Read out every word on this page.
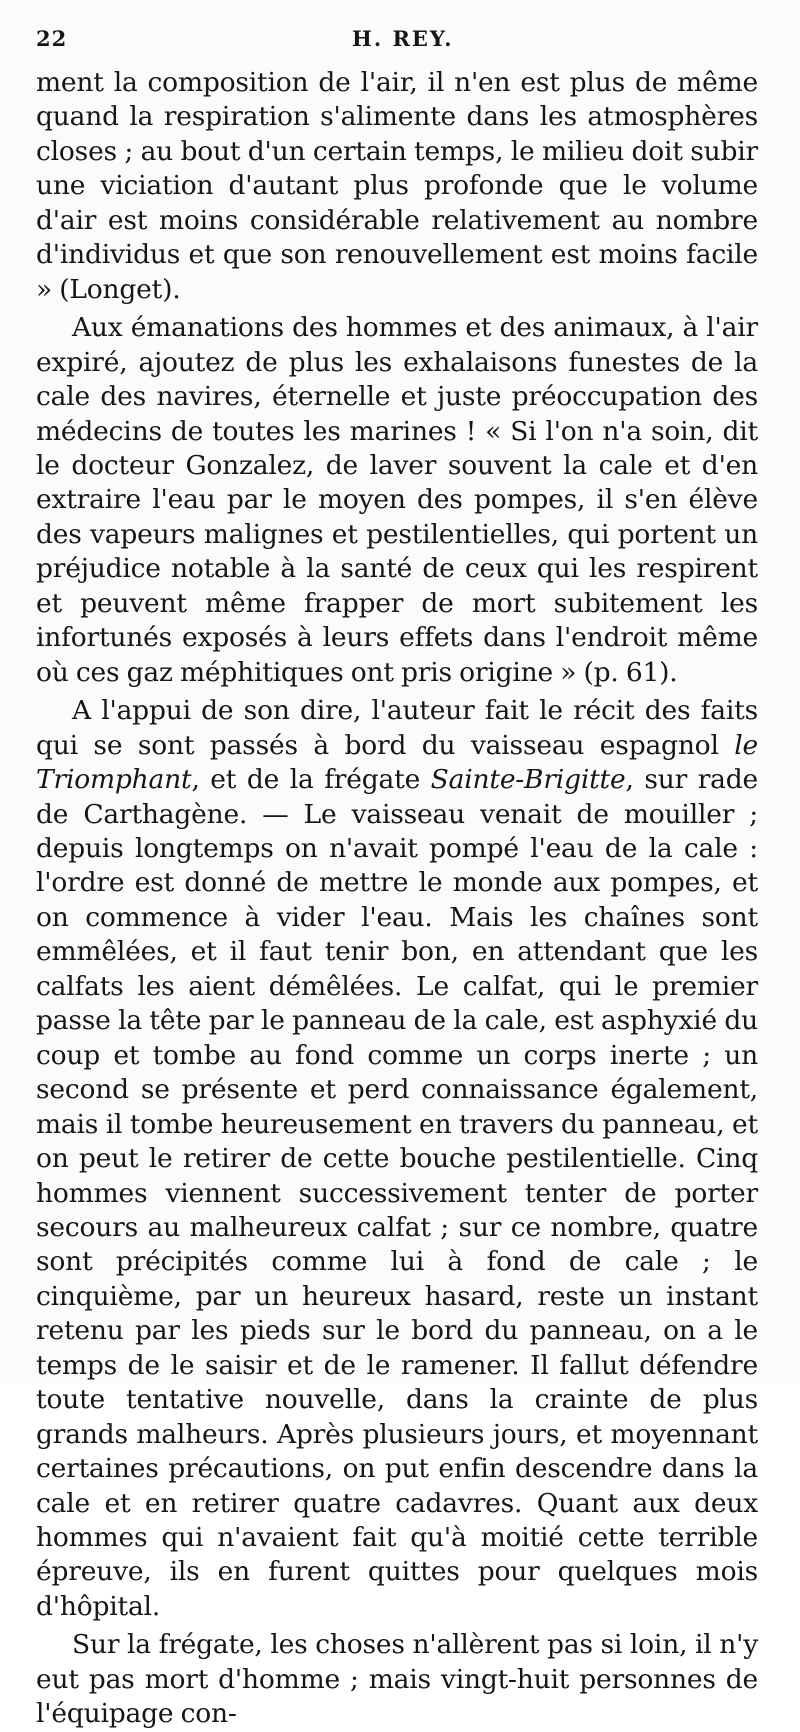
22	H. REY.

ment la composition de l'air, il n'en est plus de même quand la respiration s'alimente dans les atmosphères closes ; au bout d'un certain temps, le milieu doit subir une viciation d'autant plus profonde que le volume d'air est moins considérable relativement au nombre d'individus et que son renouvellement est moins facile » (Longet).

Aux émanations des hommes et des animaux, à l'air expiré, ajoutez de plus les exhalaisons funestes de la cale des navires, éternelle et juste préoccupation des médecins de toutes les marines ! « Si l'on n'a soin, dit le docteur Gonzalez, de laver souvent la cale et d'en extraire l'eau par le moyen des pompes, il s'en élève des vapeurs malignes et pestilentielles, qui portent un préjudice notable à la santé de ceux qui les respirent et peuvent même frapper de mort subitement les infortunés exposés à leurs effets dans l'endroit même où ces gaz méphitiques ont pris origine » (p. 61).

A l'appui de son dire, l'auteur fait le récit des faits qui se sont passés à bord du vaisseau espagnol le Triomphant, et de la frégate Sainte-Brigitte, sur rade de Carthagène. — Le vaisseau venait de mouiller ; depuis longtemps on n'avait pompé l'eau de la cale : l'ordre est donné de mettre le monde aux pompes, et on commence à vider l'eau. Mais les chaînes sont emmêlées, et il faut tenir bon, en attendant que les calfats les aient démêlées. Le calfat, qui le premier passe la tête par le panneau de la cale, est asphyxié du coup et tombe au fond comme un corps inerte ; un second se présente et perd connaissance également, mais il tombe heureusement en travers du panneau, et on peut le retirer de cette bouche pestilentielle. Cinq hommes viennent successivement tenter de porter secours au malheureux calfat ; sur ce nombre, quatre sont précipités comme lui à fond de cale ; le cinquième, par un heureux hasard, reste un instant retenu par les pieds sur le bord du panneau, on a le temps de le saisir et de le ramener. Il fallut défendre toute tentative nouvelle, dans la crainte de plus grands malheurs. Après plusieurs jours, et moyennant certaines précautions, on put enfin descendre dans la cale et en retirer quatre cadavres. Quant aux deux hommes qui n'avaient fait qu'à moitié cette terrible épreuve, ils en furent quittes pour quelques mois d'hôpital.

Sur la frégate, les choses n'allèrent pas si loin, il n'y eut pas mort d'homme ; mais vingt-huit personnes de l'équipage con-
